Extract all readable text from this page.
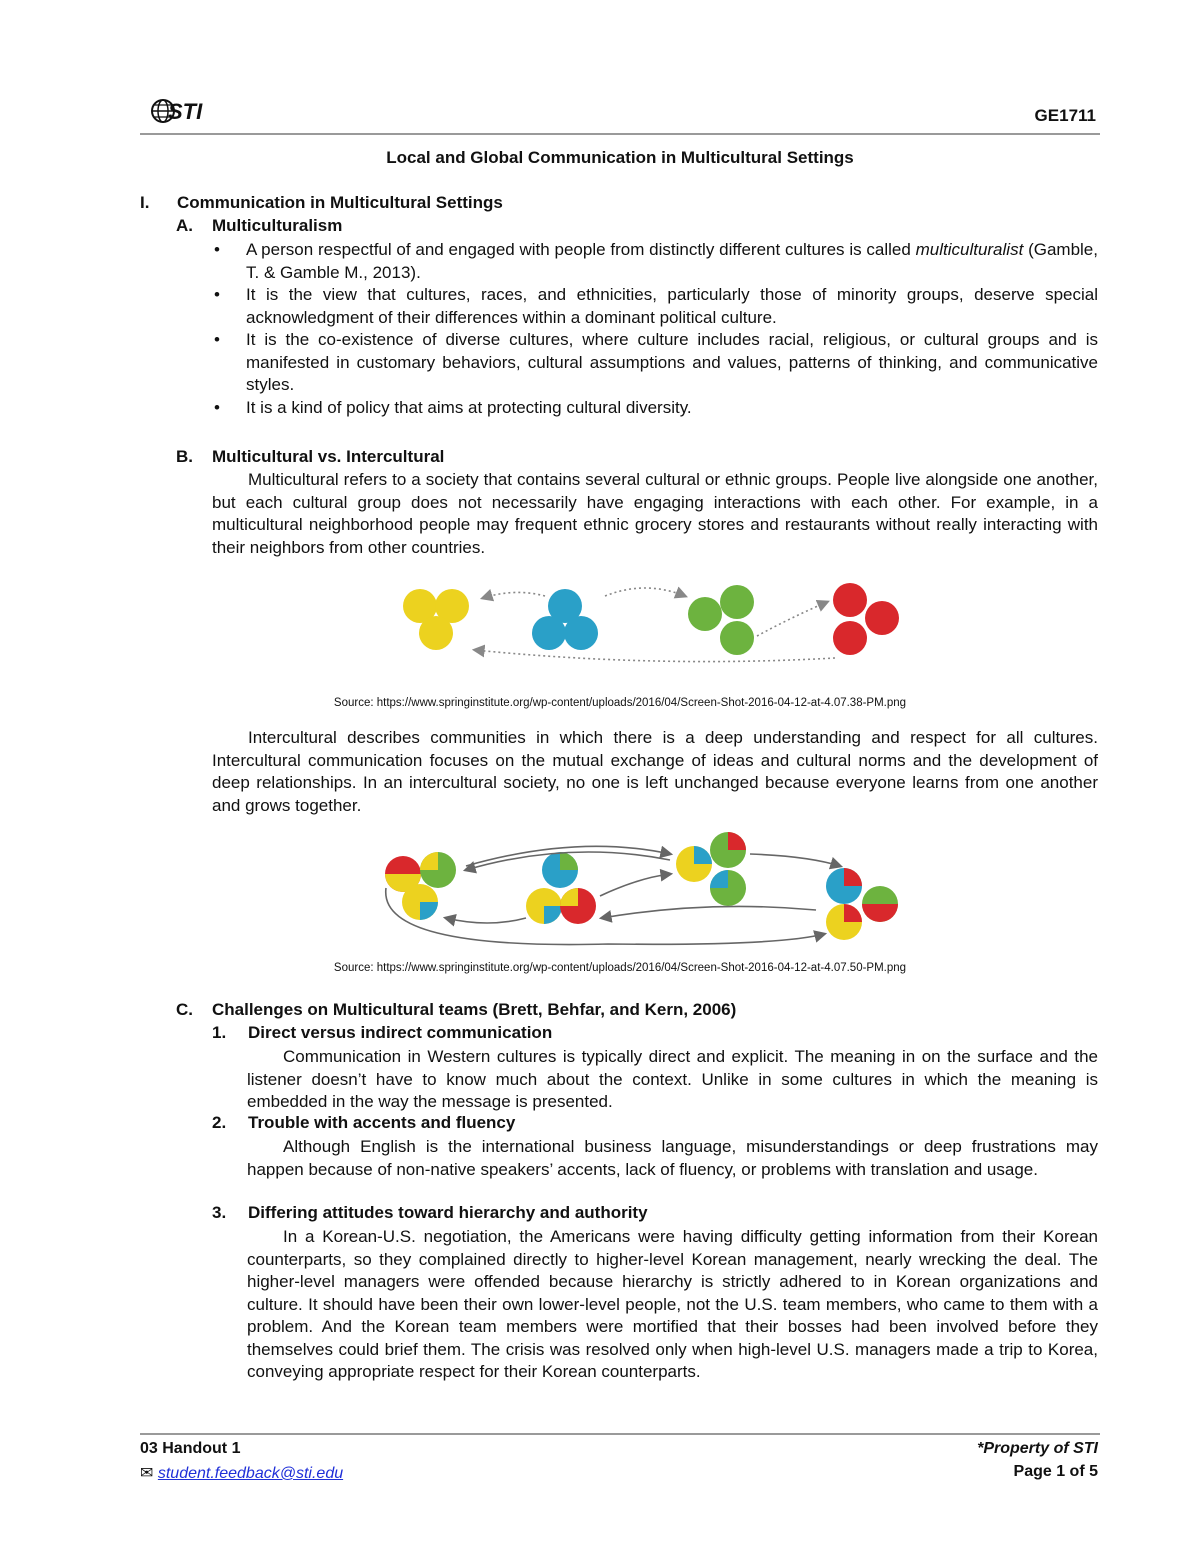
STI	GE1711
Local and Global Communication in Multicultural Settings
I. Communication in Multicultural Settings
A. Multiculturalism
• A person respectful of and engaged with people from distinctly different cultures is called multiculturalist (Gamble, T. & Gamble M., 2013).
• It is the view that cultures, races, and ethnicities, particularly those of minority groups, deserve special acknowledgment of their differences within a dominant political culture.
• It is the co-existence of diverse cultures, where culture includes racial, religious, or cultural groups and is manifested in customary behaviors, cultural assumptions and values, patterns of thinking, and communicative styles.
• It is a kind of policy that aims at protecting cultural diversity.
B. Multicultural vs. Intercultural

Multicultural refers to a society that contains several cultural or ethnic groups. People live alongside one another, but each cultural group does not necessarily have engaging interactions with each other. For example, in a multicultural neighborhood people may frequent ethnic grocery stores and restaurants without really interacting with their neighbors from other countries.

Source: https://www.springinstitute.org/wp-content/uploads/2016/04/Screen-Shot-2016-04-12-at-4.07.38-PM.png

Intercultural describes communities in which there is a deep understanding and respect for all cultures. Intercultural communication focuses on the mutual exchange of ideas and cultural norms and the development of deep relationships. In an intercultural society, no one is left unchanged because everyone learns from one another and grows together.

Source: https://www.springinstitute.org/wp-content/uploads/2016/04/Screen-Shot-2016-04-12-at-4.07.50-PM.png
C. Challenges on Multicultural teams (Brett, Behfar, and Kern, 2006)
1. Direct versus indirect communication

Communication in Western cultures is typically direct and explicit. The meaning in on the surface and the listener doesn’t have to know much about the context. Unlike in some cultures in which the meaning is embedded in the way the message is presented.

2. Trouble with accents and fluency

Although English is the international business language, misunderstandings or deep frustrations may happen because of non-native speakers’ accents, lack of fluency, or problems with translation and usage.

3. Differing attitudes toward hierarchy and authority

In a Korean-U.S. negotiation, the Americans were having difficulty getting information from their Korean counterparts, so they complained directly to higher-level Korean management, nearly wrecking the deal. The higher-level managers were offended because hierarchy is strictly adhered to in Korean organizations and culture. It should have been their own lower-level people, not the U.S. team members, who came to them with a problem. And the Korean team members were mortified that their bosses had been involved before they themselves could brief them. The crisis was resolved only when high-level U.S. managers made a trip to Korea, conveying appropriate respect for their Korean counterparts.

03 Handout 1
✉ student.feedback@sti.edu
*Property of STI
Page 1 of 5
